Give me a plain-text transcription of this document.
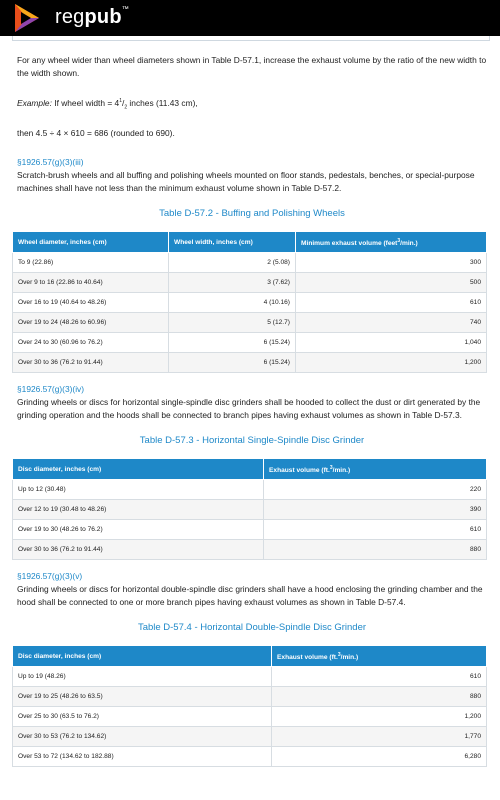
regpub™

For any wheel wider than wheel diameters shown in Table D-57.1, increase the exhaust volume by the ratio of the new width to the width shown.

Example: If wheel width = $4^1/_2$ inches (11.43 cm),

then 4.5 ÷ 4 × 610 = 686 (rounded to 690).

§1926.57(g)(3)(iii)

Scratch-brush wheels and all buffing and polishing wheels mounted on floor stands, pedestals, benches, or special-purpose machines shall have not less than the minimum exhaust volume shown in Table D-57.2.

Table D-57.2 - Buffing and Polishing Wheels
Wheel diameter, inches (cm)	Wheel width, inches (cm)	Minimum exhaust volume (feet$^3$/min.)
To 9 (22.86)	2 (5.08)	300
Over 9 to 16 (22.86 to 40.64)	3 (7.62)	500
Over 16 to 19 (40.64 to 48.26)	4 (10.16)	610
Over 19 to 24 (48.26 to 60.96)	5 (12.7)	740
Over 24 to 30 (60.96 to 76.2)	6 (15.24)	1,040
Over 30 to 36 (76.2 to 91.44)	6 (15.24)	1,200
§1926.57(g)(3)(iv)

Grinding wheels or discs for horizontal single-spindle disc grinders shall be hooded to collect the dust or dirt generated by the grinding operation and the hoods shall be connected to branch pipes having exhaust volumes as shown in Table D-57.3.

Table D-57.3 - Horizontal Single-Spindle Disc Grinder
Disc diameter, inches (cm)	Exhaust volume (ft.$^3$/min.)
Up to 12 (30.48)	220
Over 12 to 19 (30.48 to 48.26)	390
Over 19 to 30 (48.26 to 76.2)	610
Over 30 to 36 (76.2 to 91.44)	880
§1926.57(g)(3)(v)

Grinding wheels or discs for horizontal double-spindle disc grinders shall have a hood enclosing the grinding chamber and the hood shall be connected to one or more branch pipes having exhaust volumes as shown in Table D-57.4.

Table D-57.4 - Horizontal Double-Spindle Disc Grinder
Disc diameter, inches (cm)	Exhaust volume (ft.$^3$/min.)
Up to 19 (48.26)	610
Over 19 to 25 (48.26 to 63.5)	880
Over 25 to 30 (63.5 to 76.2)	1,200
Over 30 to 53 (76.2 to 134.62)	1,770
Over 53 to 72 (134.62 to 182.88)	6,280
